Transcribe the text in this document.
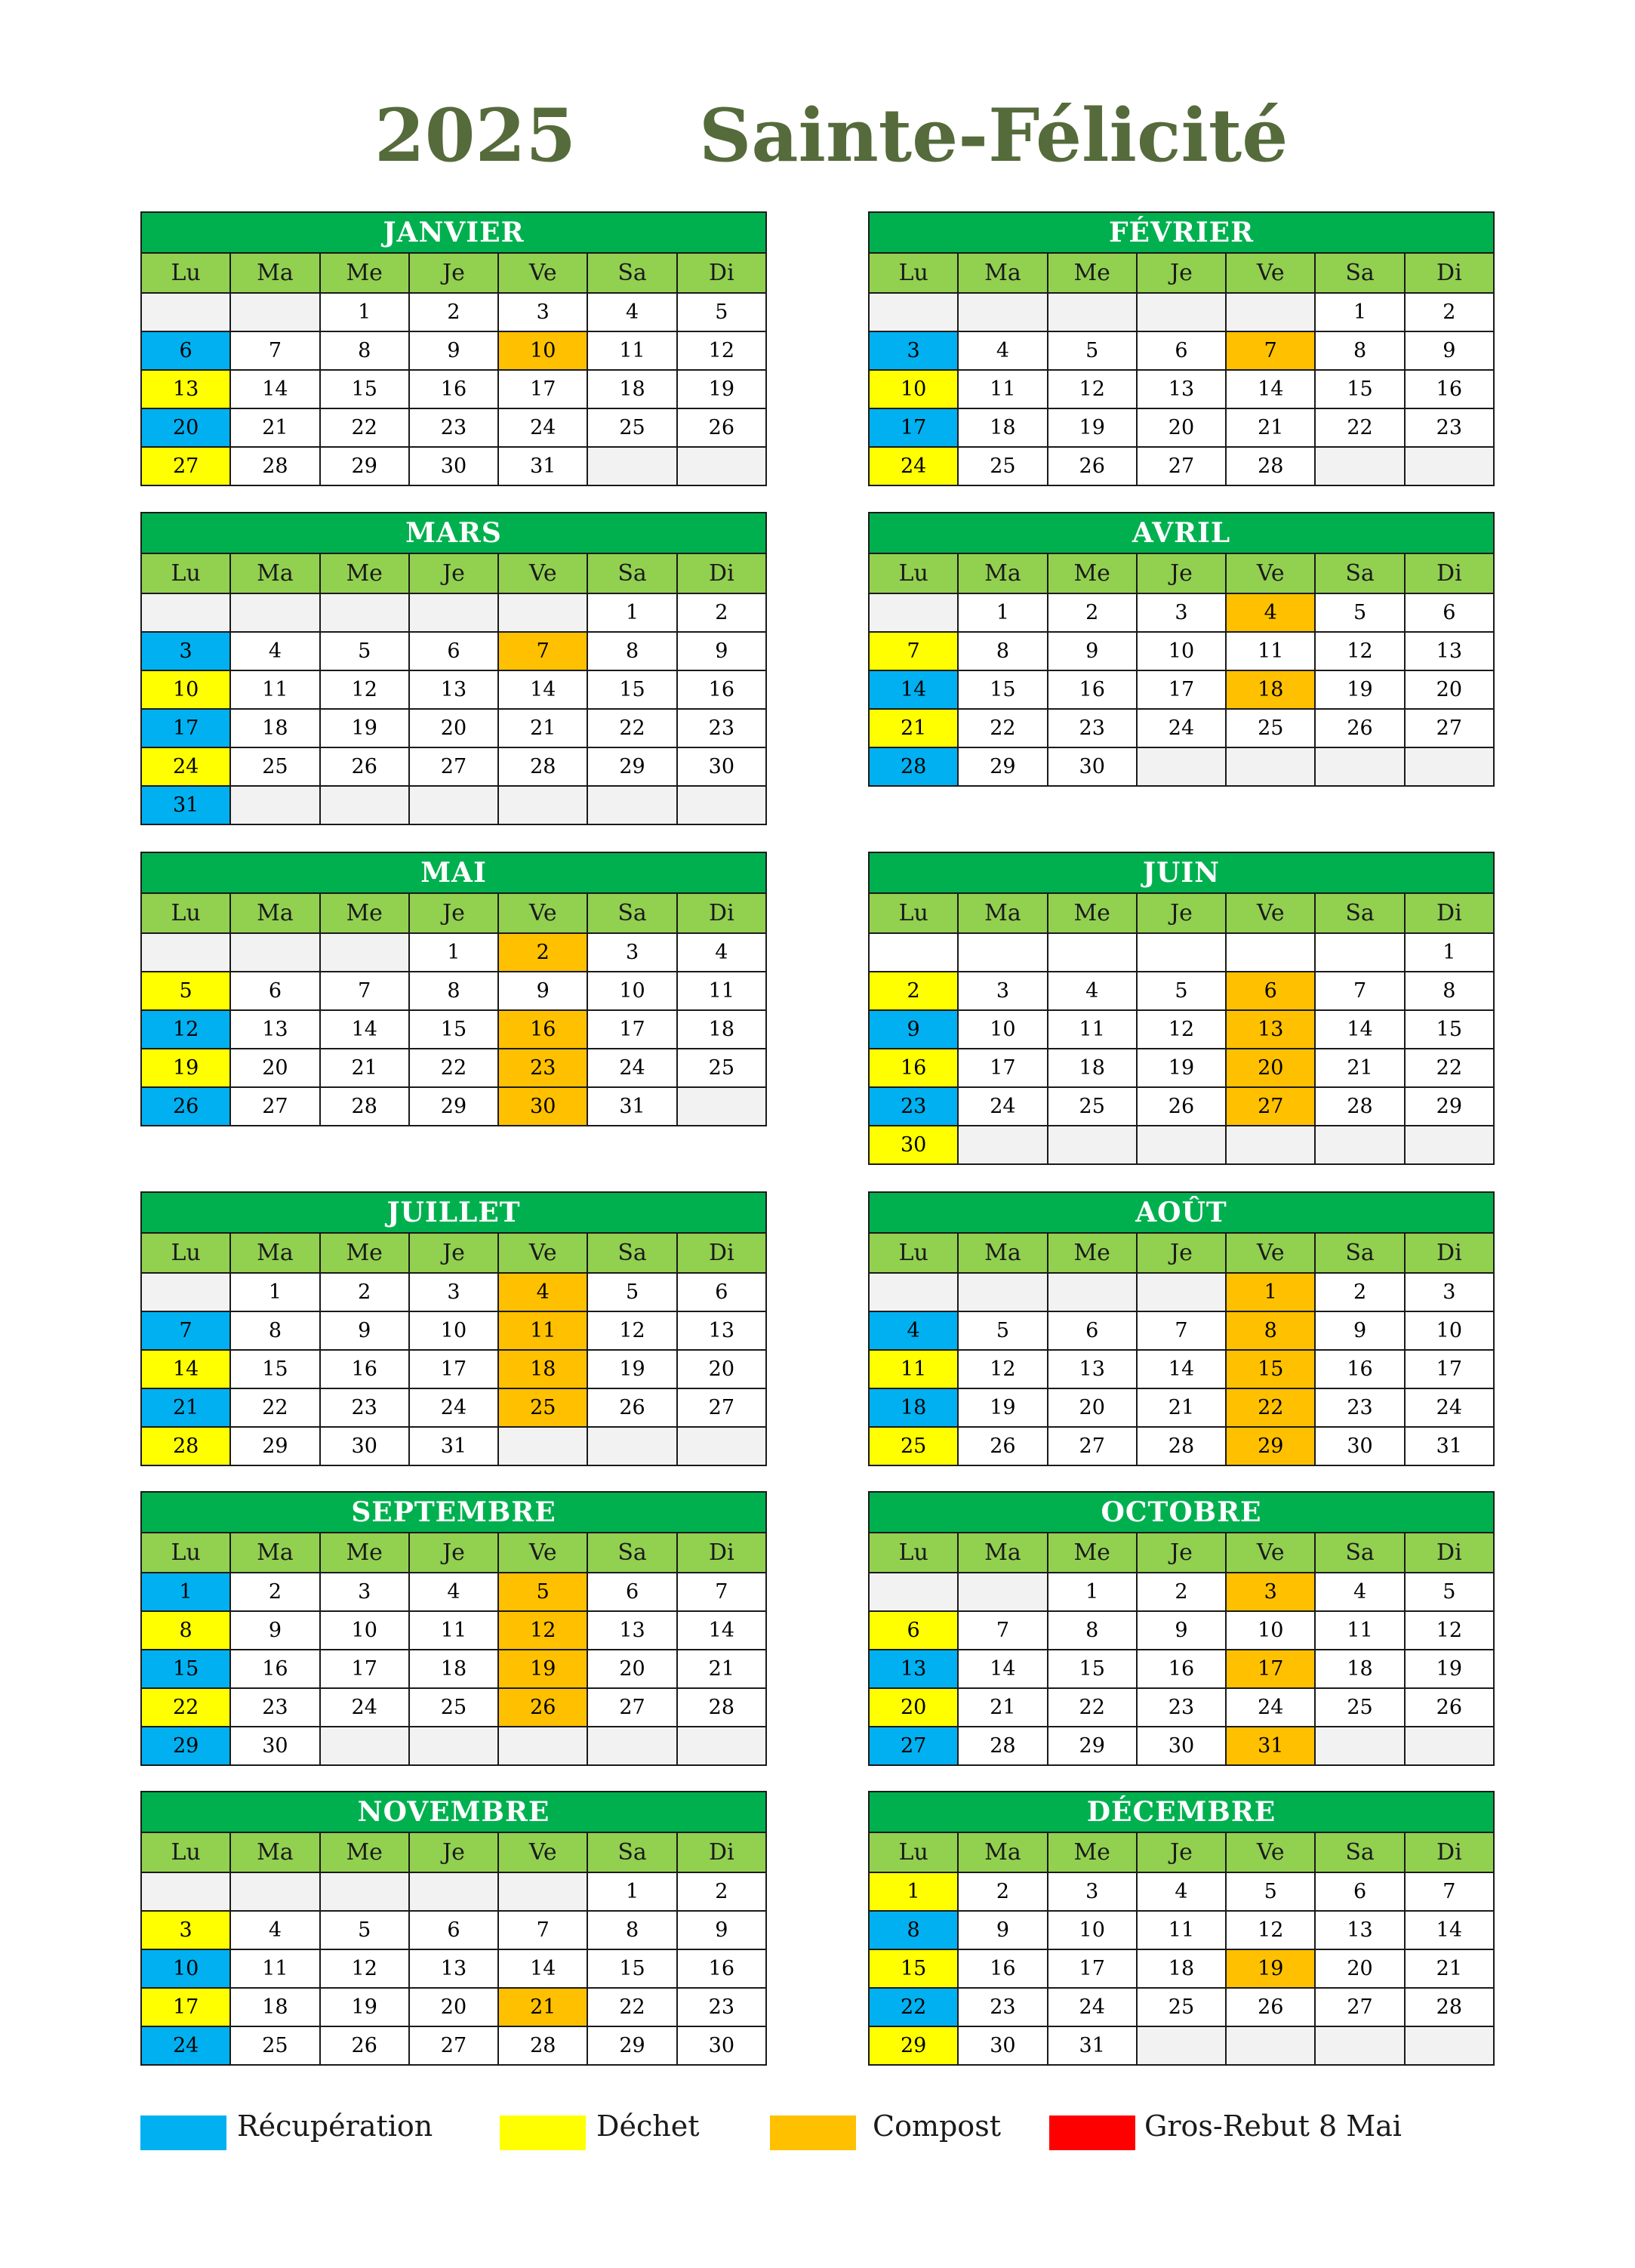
2025 Sainte-Félicité
JANVIER						
Lu	Ma	Me	Je	Ve	Sa	Di
		1	2	3	4	5
6	7	8	9	10	11	12
13	14	15	16	17	18	19
20	21	22	23	24	25	26
27	28	29	30	31		
FÉVRIER						
Lu	Ma	Me	Je	Ve	Sa	Di
					1	2
3	4	5	6	7	8	9
10	11	12	13	14	15	16
17	18	19	20	21	22	23
24	25	26	27	28		
MARS						
Lu	Ma	Me	Je	Ve	Sa	Di
					1	2
3	4	5	6	7	8	9
10	11	12	13	14	15	16
17	18	19	20	21	22	23
24	25	26	27	28	29	30
31						
AVRIL						
Lu	Ma	Me	Je	Ve	Sa	Di
	1	2	3	4	5	6
7	8	9	10	11	12	13
14	15	16	17	18	19	20
21	22	23	24	25	26	27
28	29	30				
MAI						
Lu	Ma	Me	Je	Ve	Sa	Di
			1	2	3	4
5	6	7	8	9	10	11
12	13	14	15	16	17	18
19	20	21	22	23	24	25
26	27	28	29	30	31	
JUIN						
Lu	Ma	Me	Je	Ve	Sa	Di
						1
2	3	4	5	6	7	8
9	10	11	12	13	14	15
16	17	18	19	20	21	22
23	24	25	26	27	28	29
30						
JUILLET						
Lu	Ma	Me	Je	Ve	Sa	Di
	1	2	3	4	5	6
7	8	9	10	11	12	13
14	15	16	17	18	19	20
21	22	23	24	25	26	27
28	29	30	31			
AOÛT						
Lu	Ma	Me	Je	Ve	Sa	Di
				1	2	3
4	5	6	7	8	9	10
11	12	13	14	15	16	17
18	19	20	21	22	23	24
25	26	27	28	29	30	31
SEPTEMBRE						
Lu	Ma	Me	Je	Ve	Sa	Di
1	2	3	4	5	6	7
8	9	10	11	12	13	14
15	16	17	18	19	20	21
22	23	24	25	26	27	28
29	30					
OCTOBRE						
Lu	Ma	Me	Je	Ve	Sa	Di
		1	2	3	4	5
6	7	8	9	10	11	12
13	14	15	16	17	18	19
20	21	22	23	24	25	26
27	28	29	30	31		
NOVEMBRE						
Lu	Ma	Me	Je	Ve	Sa	Di
					1	2
3	4	5	6	7	8	9
10	11	12	13	14	15	16
17	18	19	20	21	22	23
24	25	26	27	28	29	30
DÉCEMBRE						
Lu	Ma	Me	Je	Ve	Sa	Di
1	2	3	4	5	6	7
8	9	10	11	12	13	14
15	16	17	18	19	20	21
22	23	24	25	26	27	28
29	30	31				
Récupération	Déchet	Compost	Gros-Rebut 8 Mai
